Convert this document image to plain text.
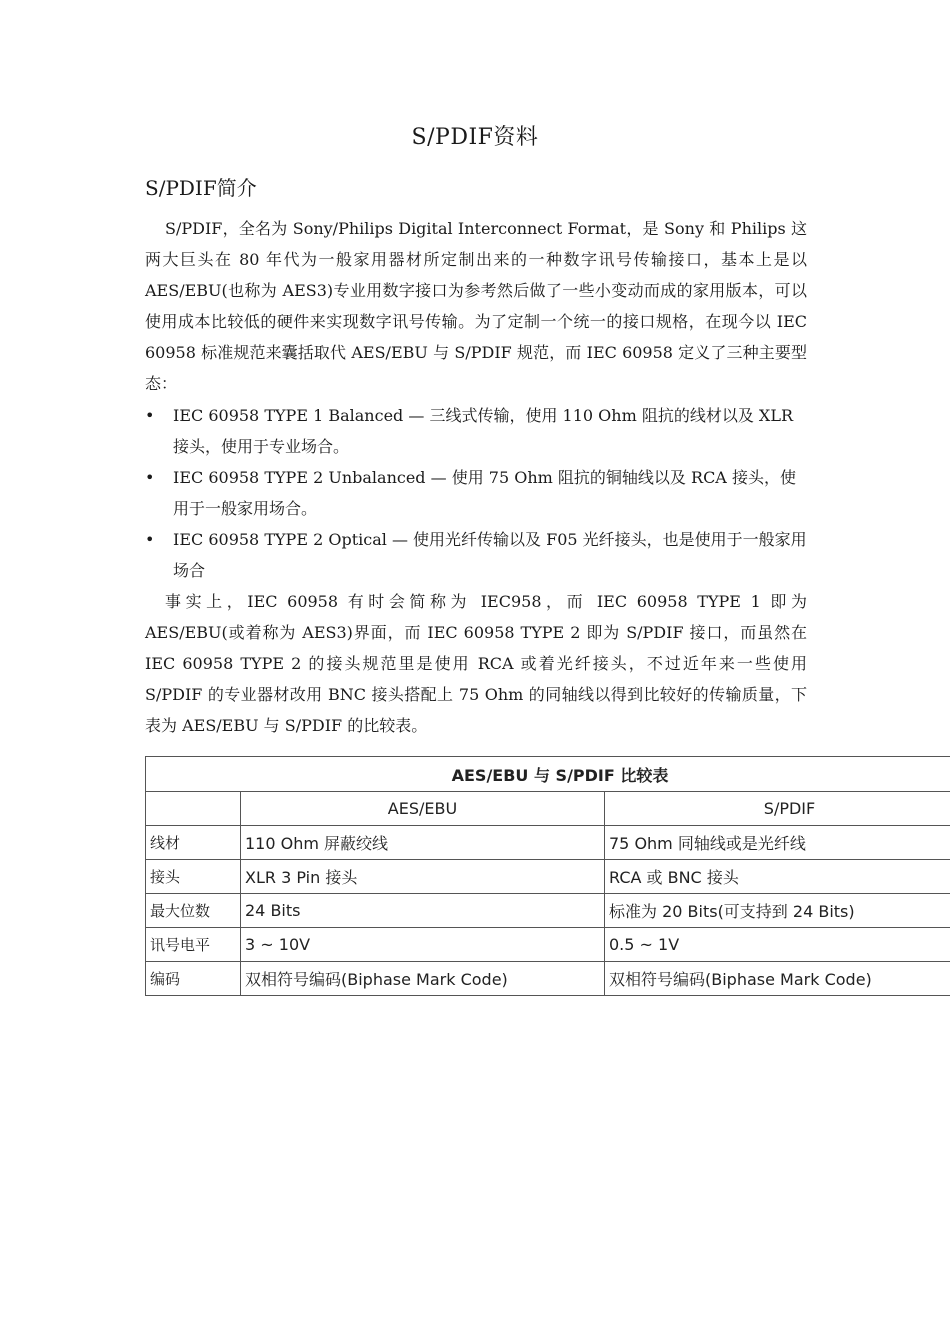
S/PDIF资料
S/PDIF简介

S/PDIF，全名为 Sony/Philips Digital Interconnect Format，是 Sony 和 Philips 这两大巨头在 80 年代为一般家用器材所定制出来的一种数字讯号传输接口，基本上是以 AES/EBU(也称为 AES3)专业用数字接口为参考然后做了一些小变动而成的家用版本，可以使用成本比较低的硬件来实现数字讯号传输。为了定制一个统一的接口规格，在现今以 IEC 60958 标准规范来囊括取代 AES/EBU 与 S/PDIF 规范，而 IEC 60958 定义了三种主要型态：

•	IEC 60958 TYPE 1 Balanced — 三线式传输，使用 110 Ohm 阻抗的线材以及 XLR 接头，使用于专业场合。
•	IEC 60958 TYPE 2 Unbalanced — 使用 75 Ohm 阻抗的铜轴线以及 RCA 接头，使用于一般家用场合。
•	IEC 60958 TYPE 2 Optical — 使用光纤传输以及 F05 光纤接头，也是使用于一般家用场合

事实上，IEC 60958 有时会简称为 IEC958，而 IEC 60958 TYPE 1 即为 AES/EBU(或着称为 AES3)界面，而 IEC 60958 TYPE 2 即为 S/PDIF 接口，而虽然在 IEC 60958 TYPE 2 的接头规范里是使用 RCA 或着光纤接头，不过近年来一些使用 S/PDIF 的专业器材改用 BNC 接头搭配上 75 Ohm 的同轴线以得到比较好的传输质量，下表为 AES/EBU 与 S/PDIF 的比较表。

AES/EBU 与 S/PDIF 比较表		
	AES/EBU	S/PDIF
线材	110 Ohm 屏蔽绞线	75 Ohm 同轴线或是光纤线
接头	XLR 3 Pin 接头	RCA 或 BNC 接头
最大位数	24 Bits	标准为 20 Bits(可支持到 24 Bits)
讯号电平	3 ~ 10V	0.5 ~ 1V
编码	双相符号编码(Biphase Mark Code)	双相符号编码(Biphase Mark Code)
